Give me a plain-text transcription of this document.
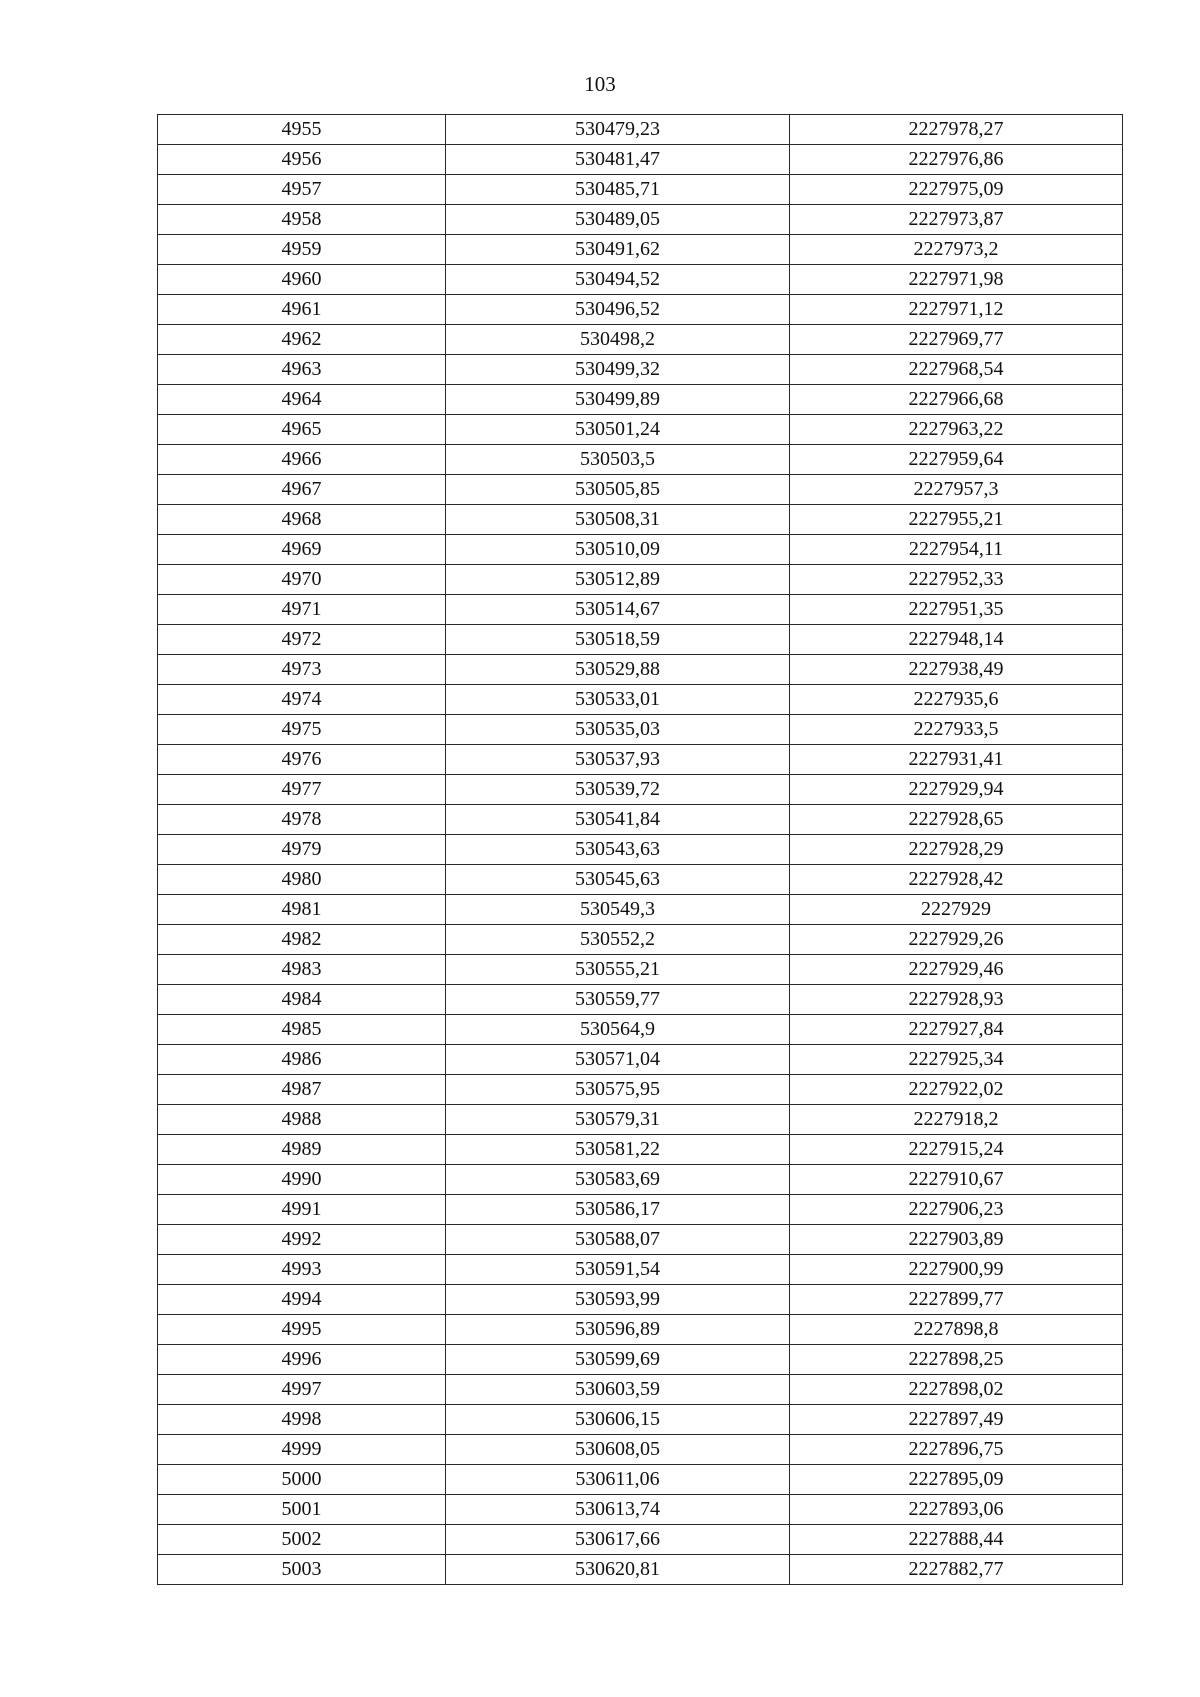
103
4955	530479,23	2227978,27
4956	530481,47	2227976,86
4957	530485,71	2227975,09
4958	530489,05	2227973,87
4959	530491,62	2227973,2
4960	530494,52	2227971,98
4961	530496,52	2227971,12
4962	530498,2	2227969,77
4963	530499,32	2227968,54
4964	530499,89	2227966,68
4965	530501,24	2227963,22
4966	530503,5	2227959,64
4967	530505,85	2227957,3
4968	530508,31	2227955,21
4969	530510,09	2227954,11
4970	530512,89	2227952,33
4971	530514,67	2227951,35
4972	530518,59	2227948,14
4973	530529,88	2227938,49
4974	530533,01	2227935,6
4975	530535,03	2227933,5
4976	530537,93	2227931,41
4977	530539,72	2227929,94
4978	530541,84	2227928,65
4979	530543,63	2227928,29
4980	530545,63	2227928,42
4981	530549,3	2227929
4982	530552,2	2227929,26
4983	530555,21	2227929,46
4984	530559,77	2227928,93
4985	530564,9	2227927,84
4986	530571,04	2227925,34
4987	530575,95	2227922,02
4988	530579,31	2227918,2
4989	530581,22	2227915,24
4990	530583,69	2227910,67
4991	530586,17	2227906,23
4992	530588,07	2227903,89
4993	530591,54	2227900,99
4994	530593,99	2227899,77
4995	530596,89	2227898,8
4996	530599,69	2227898,25
4997	530603,59	2227898,02
4998	530606,15	2227897,49
4999	530608,05	2227896,75
5000	530611,06	2227895,09
5001	530613,74	2227893,06
5002	530617,66	2227888,44
5003	530620,81	2227882,77
